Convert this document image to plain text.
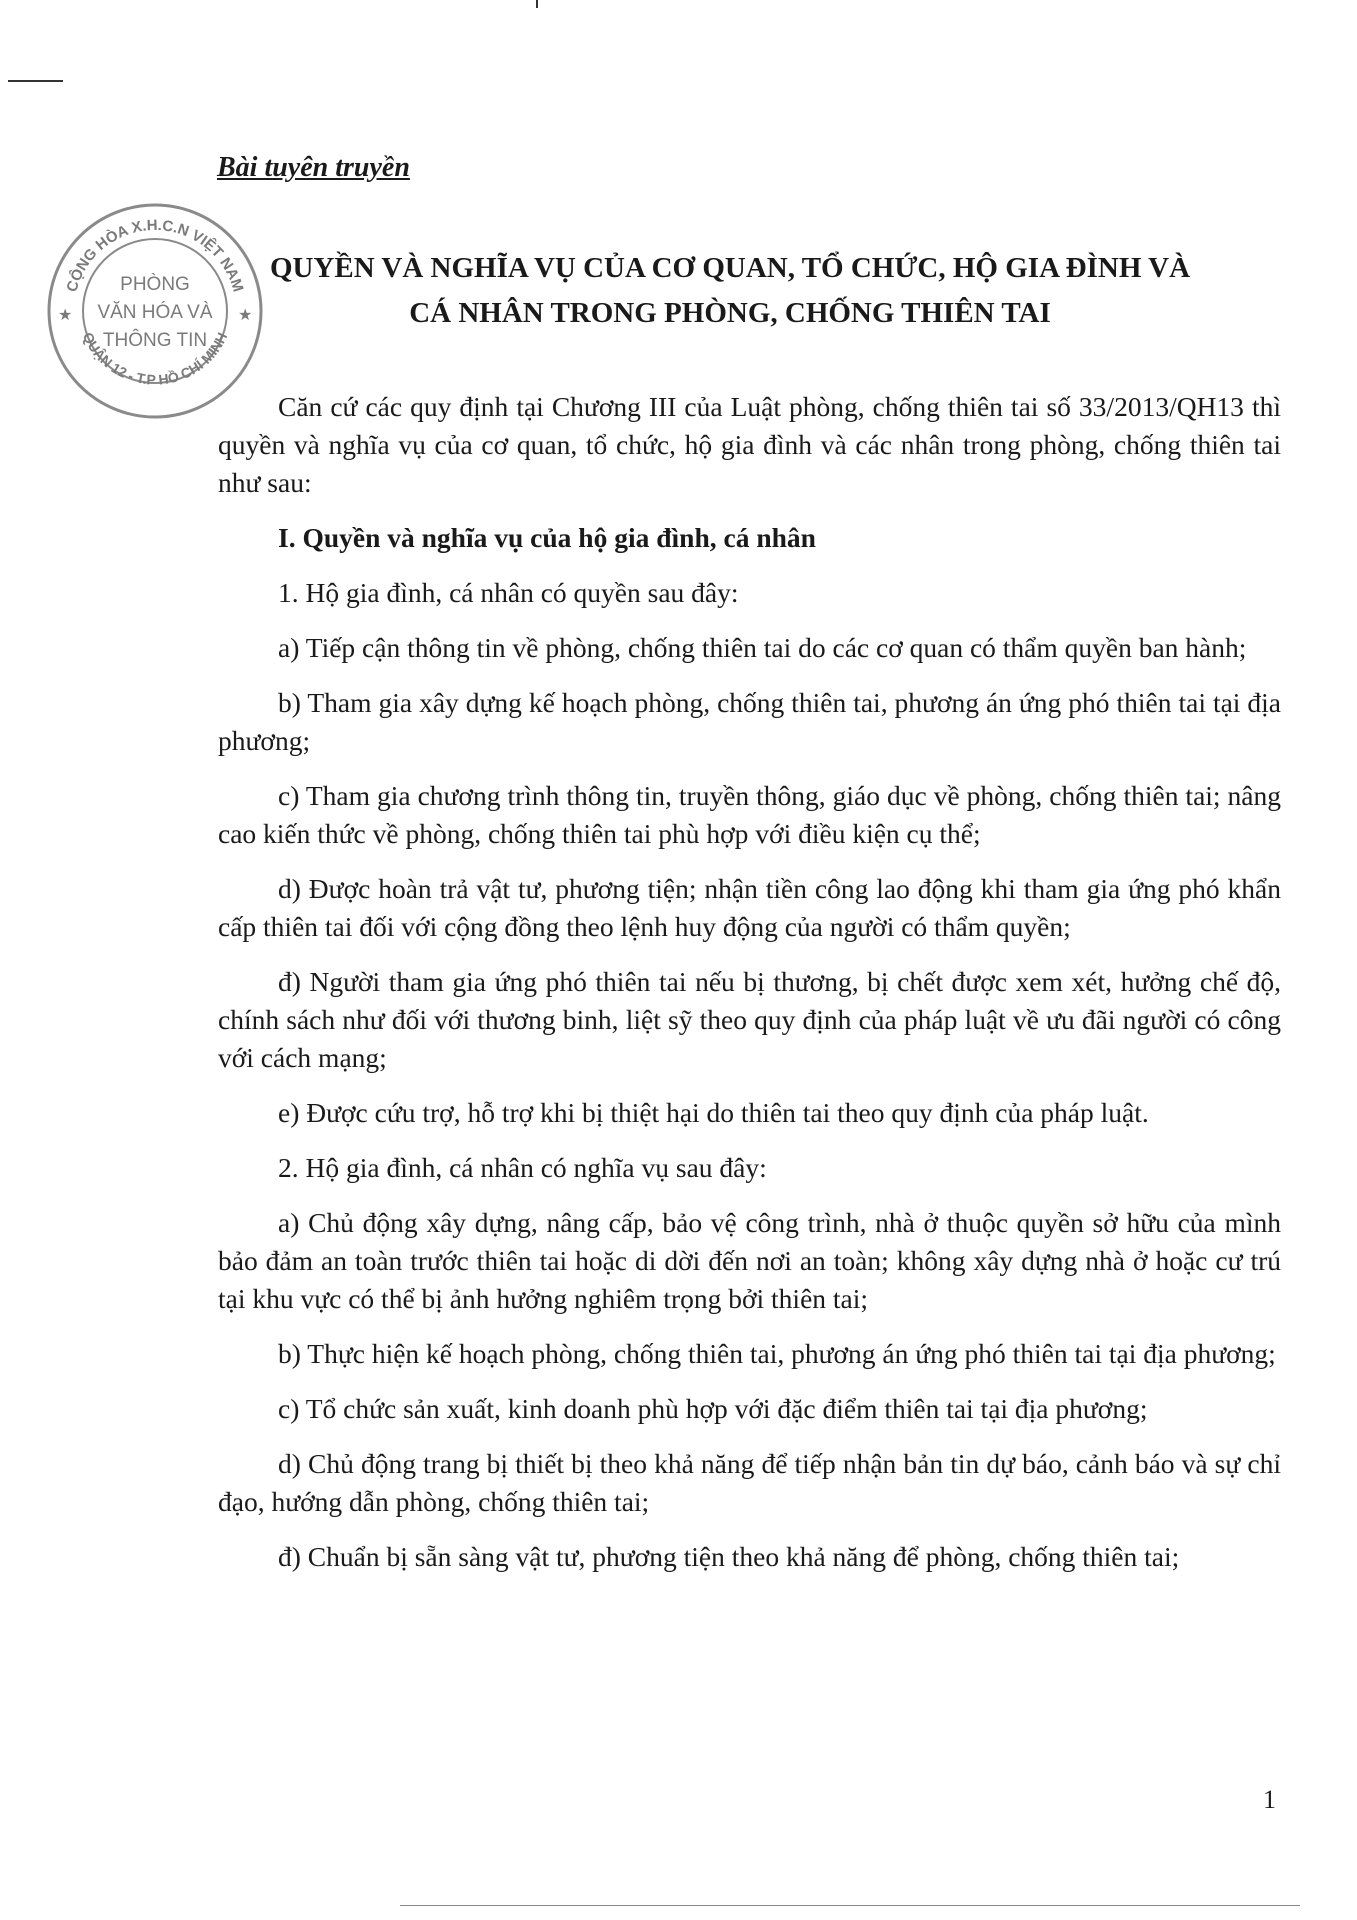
Bài tuyên truyền
CỘNG HÒA X.H.C.N VIỆT NAM
QUẬN 12 - T.P HỒ CHÍ MINH
PHÒNG
VĂN HÓA VÀ
THÔNG TIN
★	★
QUYỀN VÀ NGHĨA VỤ CỦA CƠ QUAN, TỔ CHỨC, HỘ GIA ĐÌNH VÀ
CÁ NHÂN TRONG PHÒNG, CHỐNG THIÊN TAI

Căn cứ các quy định tại Chương III của Luật phòng, chống thiên tai số 33/2013/QH13 thì quyền và nghĩa vụ của cơ quan, tổ chức, hộ gia đình và các nhân trong phòng, chống thiên tai như sau:

I. Quyền và nghĩa vụ của hộ gia đình, cá nhân

1. Hộ gia đình, cá nhân có quyền sau đây:

a) Tiếp cận thông tin về phòng, chống thiên tai do các cơ quan có thẩm quyền ban hành;

b) Tham gia xây dựng kế hoạch phòng, chống thiên tai, phương án ứng phó thiên tai tại địa phương;

c) Tham gia chương trình thông tin, truyền thông, giáo dục về phòng, chống thiên tai; nâng cao kiến thức về phòng, chống thiên tai phù hợp với điều kiện cụ thể;

d) Được hoàn trả vật tư, phương tiện; nhận tiền công lao động khi tham gia ứng phó khẩn cấp thiên tai đối với cộng đồng theo lệnh huy động của người có thẩm quyền;

đ) Người tham gia ứng phó thiên tai nếu bị thương, bị chết được xem xét, hưởng chế độ, chính sách như đối với thương binh, liệt sỹ theo quy định của pháp luật về ưu đãi người có công với cách mạng;

e) Được cứu trợ, hỗ trợ khi bị thiệt hại do thiên tai theo quy định của pháp luật.

2. Hộ gia đình, cá nhân có nghĩa vụ sau đây:

a) Chủ động xây dựng, nâng cấp, bảo vệ công trình, nhà ở thuộc quyền sở hữu của mình bảo đảm an toàn trước thiên tai hoặc di dời đến nơi an toàn; không xây dựng nhà ở hoặc cư trú tại khu vực có thể bị ảnh hưởng nghiêm trọng bởi thiên tai;

b) Thực hiện kế hoạch phòng, chống thiên tai, phương án ứng phó thiên tai tại địa phương;

c) Tổ chức sản xuất, kinh doanh phù hợp với đặc điểm thiên tai tại địa phương;

d) Chủ động trang bị thiết bị theo khả năng để tiếp nhận bản tin dự báo, cảnh báo và sự chỉ đạo, hướng dẫn phòng, chống thiên tai;

đ) Chuẩn bị sẵn sàng vật tư, phương tiện theo khả năng để phòng, chống thiên tai;

1
